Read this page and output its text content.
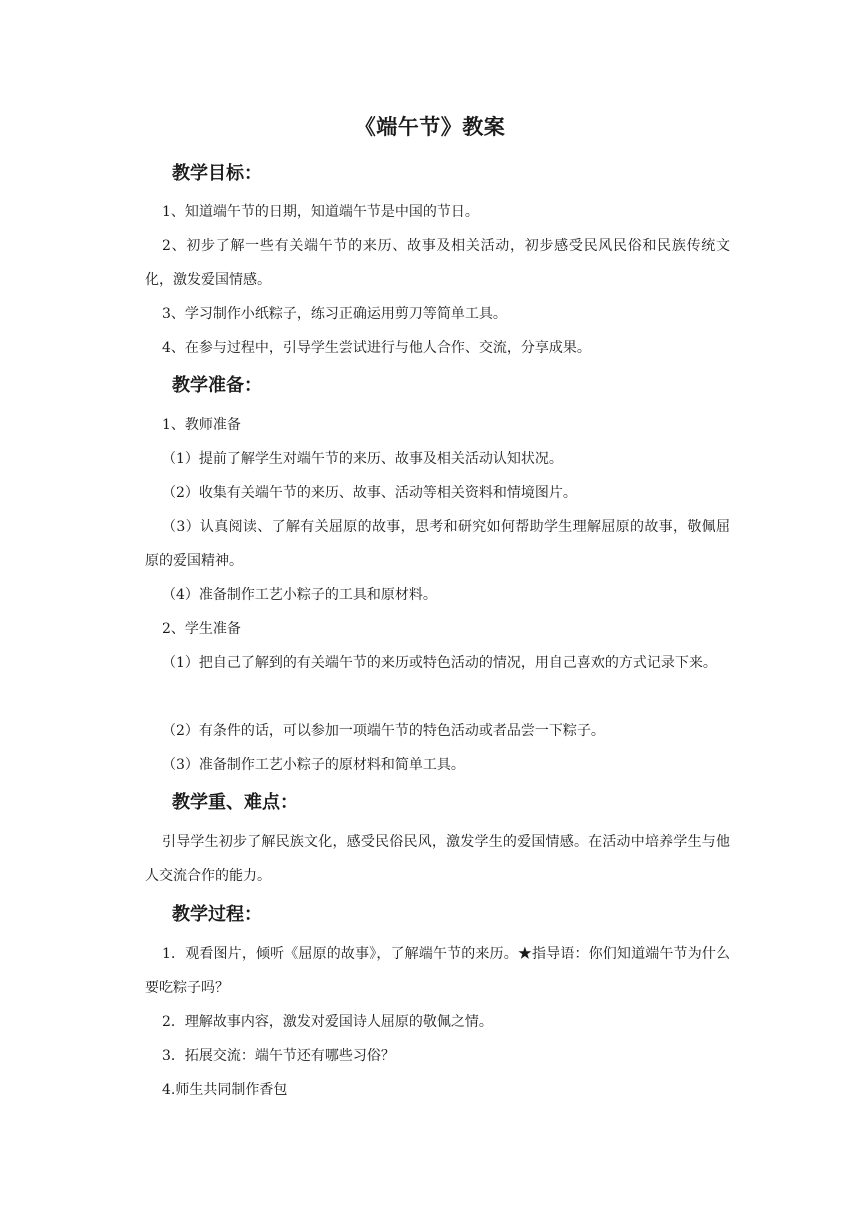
《端午节》教案
教学目标：

1、知道端午节的日期，知道端午节是中国的节日。

2、初步了解一些有关端午节的来历、故事及相关活动，初步感受民风民俗和民族传统文化，激发爱国情感。

3、学习制作小纸粽子，练习正确运用剪刀等简单工具。

4、在参与过程中，引导学生尝试进行与他人合作、交流，分享成果。

教学准备：

1、教师准备

（1）提前了解学生对端午节的来历、故事及相关活动认知状况。

（2）收集有关端午节的来历、故事、活动等相关资料和情境图片。

（3）认真阅读、了解有关屈原的故事，思考和研究如何帮助学生理解屈原的故事，敬佩屈原的爱国精神。

（4）准备制作工艺小粽子的工具和原材料。

2、学生准备

（1）把自己了解到的有关端午节的来历或特色活动的情况，用自己喜欢的方式记录下来。

（2）有条件的话，可以参加一项端午节的特色活动或者品尝一下粽子。

（3）准备制作工艺小粽子的原材料和简单工具。

教学重、难点：

引导学生初步了解民族文化，感受民俗民风，激发学生的爱国情感。在活动中培养学生与他人交流合作的能力。

教学过程：

1．观看图片，倾听《屈原的故事》，了解端午节的来历。★指导语：你们知道端午节为什么要吃粽子吗？

2．理解故事内容，激发对爱国诗人屈原的敬佩之情。

3．拓展交流：端午节还有哪些习俗？

4.师生共同制作香包
